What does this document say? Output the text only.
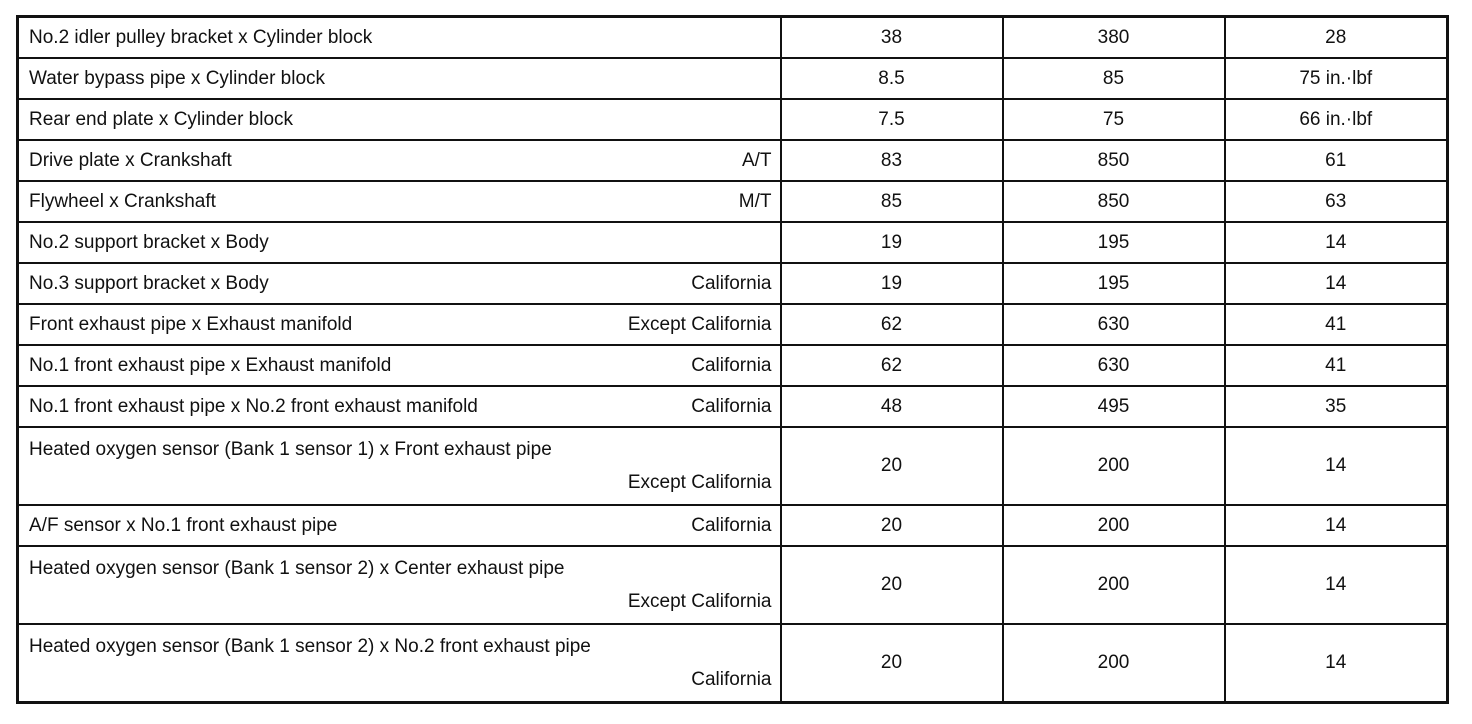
No.2 idler pulley bracket x Cylinder block	38	380	28

Water bypass pipe x Cylinder block	8.5	85	75 in.·lbf

Rear end plate x Cylinder block	7.5	75	66 in.·lbf

Drive plate x Crankshaft A/T	83	850	61

Flywheel x Crankshaft M/T	85	850	63

No.2 support bracket x Body	19	195	14

No.3 support bracket x Body California	19	195	14

Front exhaust pipe x Exhaust manifold Except California	62	630	41

No.1 front exhaust pipe x Exhaust manifold California	62	630	41

No.1 front exhaust pipe x No.2 front exhaust manifold California	48	495	35

Heated oxygen sensor (Bank 1 sensor 1) x Front exhaust pipe
Except California	20	200	14

A/F sensor x No.1 front exhaust pipe California	20	200	14

Heated oxygen sensor (Bank 1 sensor 2) x Center exhaust pipe
Except California	20	200	14

Heated oxygen sensor (Bank 1 sensor 2) x No.2 front exhaust pipe
California	20	200	14
